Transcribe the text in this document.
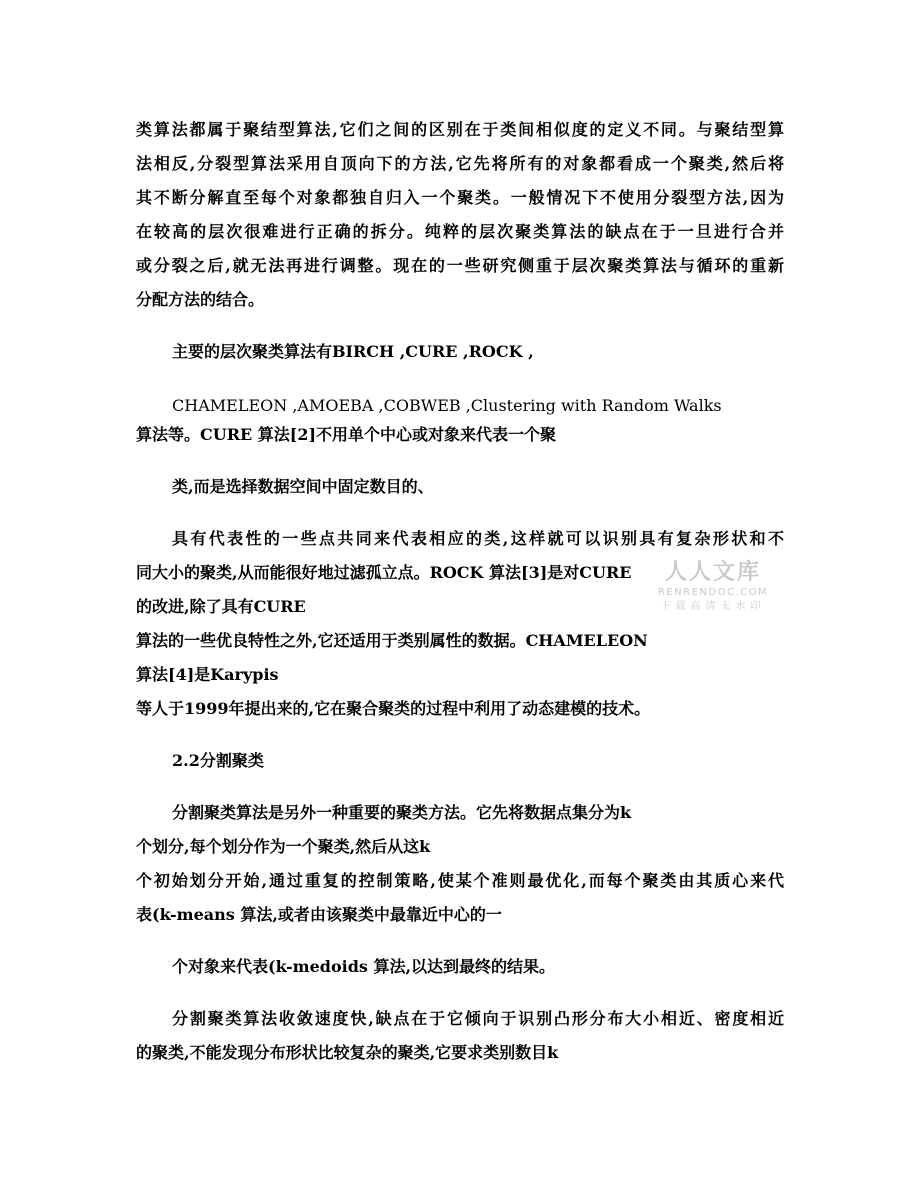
类算法都属于聚结型算法,它们之间的区别在于类间相似度的定义不同。与聚结型算
法相反,分裂型算法采用自顶向下的方法,它先将所有的对象都看成一个聚类,然后将
其不断分解直至每个对象都独自归入一个聚类。一般情况下不使用分裂型方法,因为
在较高的层次很难进行正确的拆分。纯粹的层次聚类算法的缺点在于一旦进行合并
或分裂之后,就无法再进行调整。现在的一些研究侧重于层次聚类算法与循环的重新
分配方法的结合。
主要的层次聚类算法有BIRCH ,CURE ,ROCK ,
CHAMELEON ,AMOEBA ,COBWEB ,Clustering with Random Walks
算法等。CURE 算法[2]不用单个中心或对象来代表一个聚
类,而是选择数据空间中固定数目的、
具有代表性的一些点共同来代表相应的类,这样就可以识别具有复杂形状和不
同大小的聚类,从而能很好地过滤孤立点。ROCK 算法[3]是对CURE
的改进,除了具有CURE
算法的一些优良特性之外,它还适用于类别属性的数据。CHAMELEON
算法[4]是Karypis
等人于1999年提出来的,它在聚合聚类的过程中利用了动态建模的技术。
2.2分割聚类
分割聚类算法是另外一种重要的聚类方法。它先将数据点集分为k
个划分,每个划分作为一个聚类,然后从这k
个初始划分开始,通过重复的控制策略,使某个准则最优化,而每个聚类由其质心来代
表(k-means 算法,或者由该聚类中最靠近中心的一
个对象来代表(k-medoids 算法,以达到最终的结果。
分割聚类算法收敛速度快,缺点在于它倾向于识别凸形分布大小相近、密度相近
的聚类,不能发现分布形状比较复杂的聚类,它要求类别数目k
人人文库
RENRENDOC.COM
下载高清无水印
